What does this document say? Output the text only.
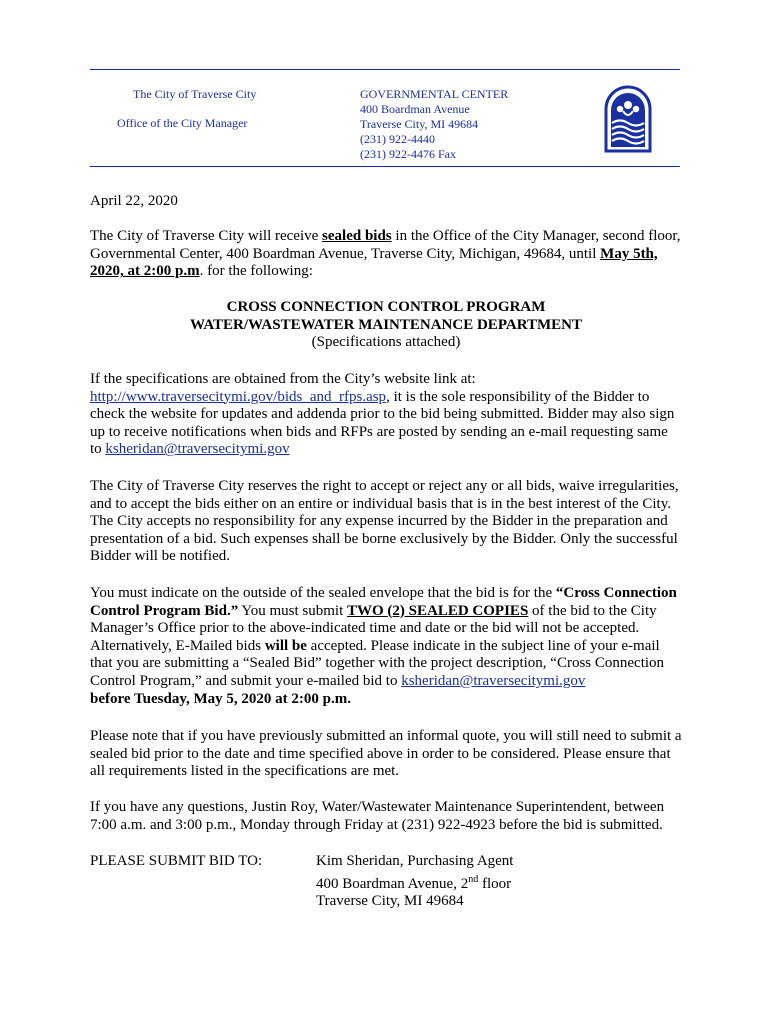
The City of Traverse City
Office of the City Manager
GOVERNMENTAL CENTER
400 Boardman Avenue
Traverse City, MI 49684
(231) 922-4440
(231) 922-4476 Fax

April 22, 2020

The City of Traverse City will receive sealed bids in the Office of the City Manager, second floor, Governmental Center, 400 Boardman Avenue, Traverse City, Michigan, 49684, until May 5th, 2020, at 2:00 p.m. for the following:

CROSS CONNECTION CONTROL PROGRAM

WATER/WASTEWATER MAINTENANCE DEPARTMENT

(Specifications attached)

If the specifications are obtained from the City’s website link at: http://www.traversecitymi.gov/bids_and_rfps.asp, it is the sole responsibility of the Bidder to check the website for updates and addenda prior to the bid being submitted. Bidder may also sign up to receive notifications when bids and RFPs are posted by sending an e-mail requesting same to ksheridan@traversecitymi.gov

The City of Traverse City reserves the right to accept or reject any or all bids, waive irregularities, and to accept the bids either on an entire or individual basis that is in the best interest of the City. The City accepts no responsibility for any expense incurred by the Bidder in the preparation and presentation of a bid. Such expenses shall be borne exclusively by the Bidder. Only the successful Bidder will be notified.

You must indicate on the outside of the sealed envelope that the bid is for the “Cross Connection Control Program Bid.” You must submit TWO (2) SEALED COPIES of the bid to the City Manager’s Office prior to the above-indicated time and date or the bid will not be accepted. Alternatively, E-Mailed bids will be accepted. Please indicate in the subject line of your e-mail that you are submitting a “Sealed Bid” together with the project description, “Cross Connection Control Program,” and submit your e-mailed bid to ksheridan@traversecitymi.gov
before Tuesday, May 5, 2020 at 2:00 p.m.

Please note that if you have previously submitted an informal quote, you will still need to submit a sealed bid prior to the date and time specified above in order to be considered. Please ensure that all requirements listed in the specifications are met.

If you have any questions, Justin Roy, Water/Wastewater Maintenance Superintendent, between 7:00 a.m. and 3:00 p.m., Monday through Friday at (231) 922-4923 before the bid is submitted.

PLEASE SUBMIT BID TO:	Kim Sheridan, Purchasing Agent
400 Boardman Avenue, 2nd floor
Traverse City, MI 49684
